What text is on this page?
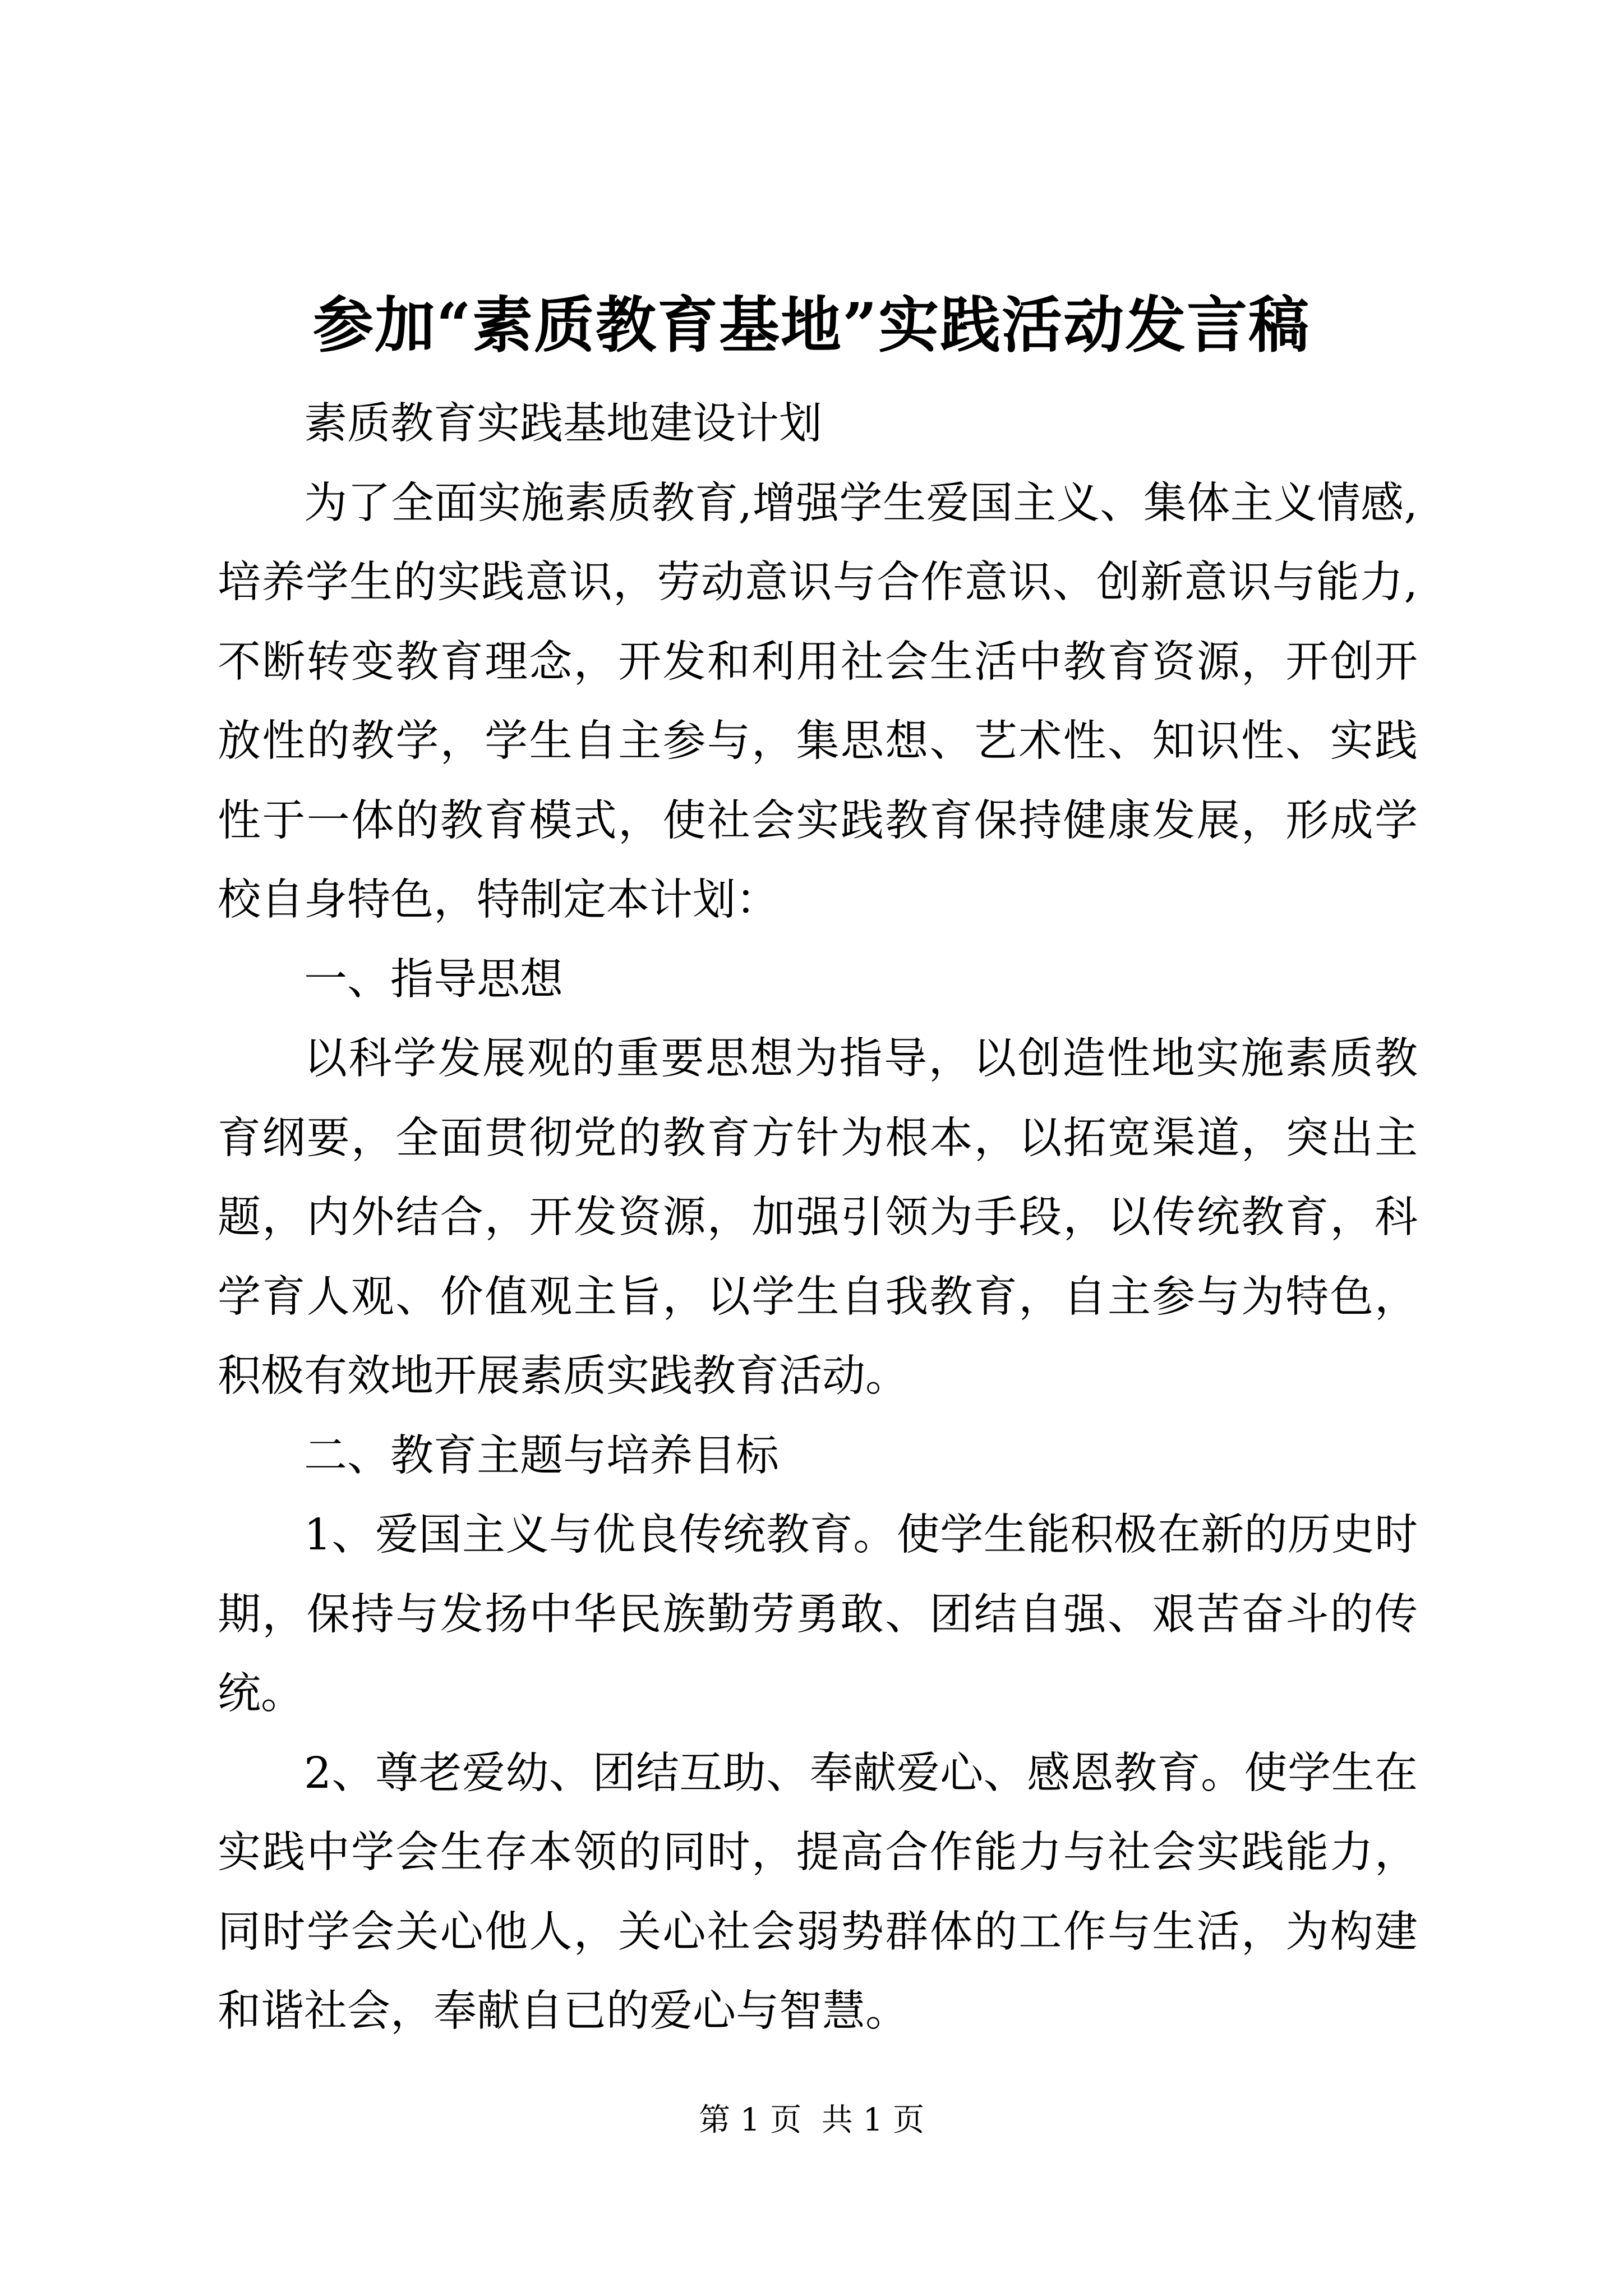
参加“素质教育基地”实践活动发言稿

素质教育实践基地建设计划

为了全面实施素质教育,增强学生爱国主义、集体主义情感,培养学生的实践意识，劳动意识与合作意识、创新意识与能力,不断转变教育理念，开发和利用社会生活中教育资源，开创开放性的教学，学生自主参与，集思想、艺术性、知识性、实践性于一体的教育模式，使社会实践教育保持健康发展，形成学校自身特色，特制定本计划：

一、指导思想

以科学发展观的重要思想为指导，以创造性地实施素质教育纲要，全面贯彻党的教育方针为根本，以拓宽渠道，突出主题，内外结合，开发资源，加强引领为手段，以传统教育，科学育人观、价值观主旨，以学生自我教育，自主参与为特色，积极有效地开展素质实践教育活动。

二、教育主题与培养目标

1、爱国主义与优良传统教育。使学生能积极在新的历史时期，保持与发扬中华民族勤劳勇敢、团结自强、艰苦奋斗的传统。

2、尊老爱幼、团结互助、奉献爱心、感恩教育。使学生在实践中学会生存本领的同时，提高合作能力与社会实践能力，同时学会关心他人，关心社会弱势群体的工作与生活，为构建和谐社会，奉献自已的爱心与智慧。

第 1 页  共 1 页
